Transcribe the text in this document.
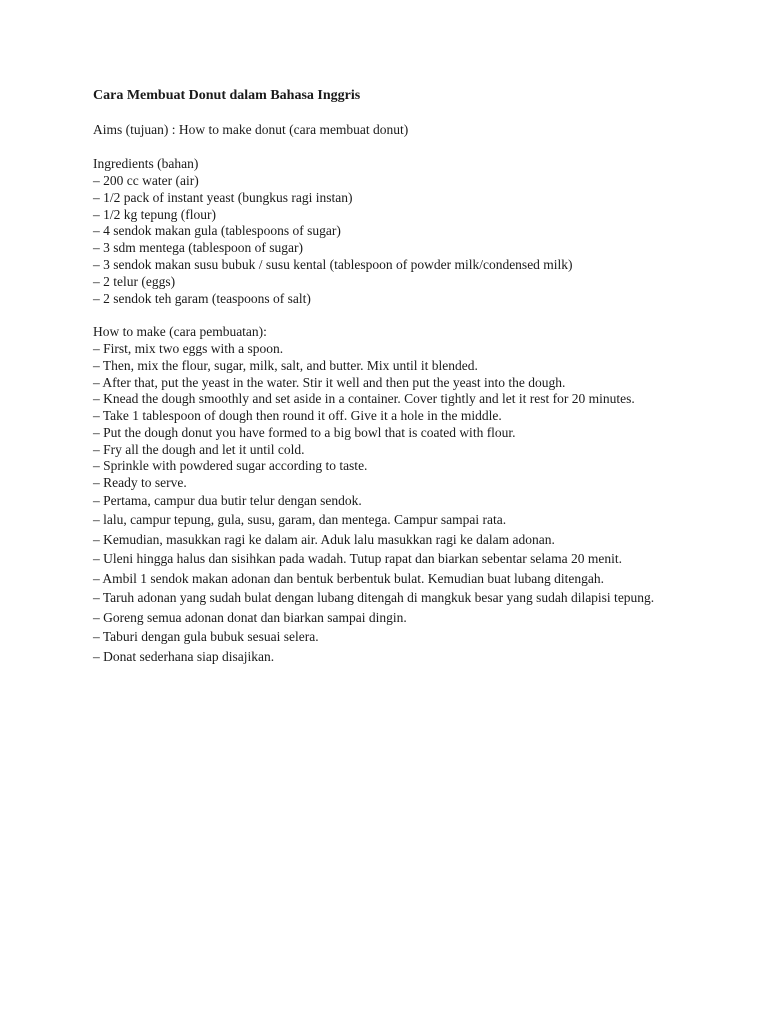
Cara Membuat Donut dalam Bahasa Inggris

Aims (tujuan) : How to make donut (cara membuat donut)

Ingredients (bahan)

– 200 cc water (air)
– 1/2 pack of instant yeast (bungkus ragi instan)
– 1/2 kg tepung (flour)
– 4 sendok makan gula (tablespoons of sugar)
– 3 sdm mentega (tablespoon of sugar)
– 3 sendok makan susu bubuk / susu kental (tablespoon of powder milk/condensed milk)
– 2 telur (eggs)
– 2 sendok teh garam (teaspoons of salt)

How to make (cara pembuatan):

– First, mix two eggs with a spoon.
– Then, mix the flour, sugar, milk, salt, and butter. Mix until it blended.
– After that, put the yeast in the water. Stir it well and then put the yeast into the dough.
– Knead the dough smoothly and set aside in a container. Cover tightly and let it rest for 20 minutes.
– Take 1 tablespoon of dough then round it off. Give it a hole in the middle.
– Put the dough donut you have formed to a big bowl that is coated with flour.
– Fry all the dough and let it until cold.
– Sprinkle with powdered sugar according to taste.
– Ready to serve.
– Pertama, campur dua butir telur dengan sendok.
– lalu, campur tepung, gula, susu, garam, dan mentega. Campur sampai rata.
– Kemudian, masukkan ragi ke dalam air. Aduk lalu masukkan ragi ke dalam adonan.
– Uleni hingga halus dan sisihkan pada wadah. Tutup rapat dan biarkan sebentar selama 20 menit.
– Ambil 1 sendok makan adonan dan bentuk berbentuk bulat. Kemudian buat lubang ditengah.
– Taruh adonan yang sudah bulat dengan lubang ditengah di mangkuk besar yang sudah dilapisi tepung.
– Goreng semua adonan donat dan biarkan sampai dingin.
– Taburi dengan gula bubuk sesuai selera.
– Donat sederhana siap disajikan.
